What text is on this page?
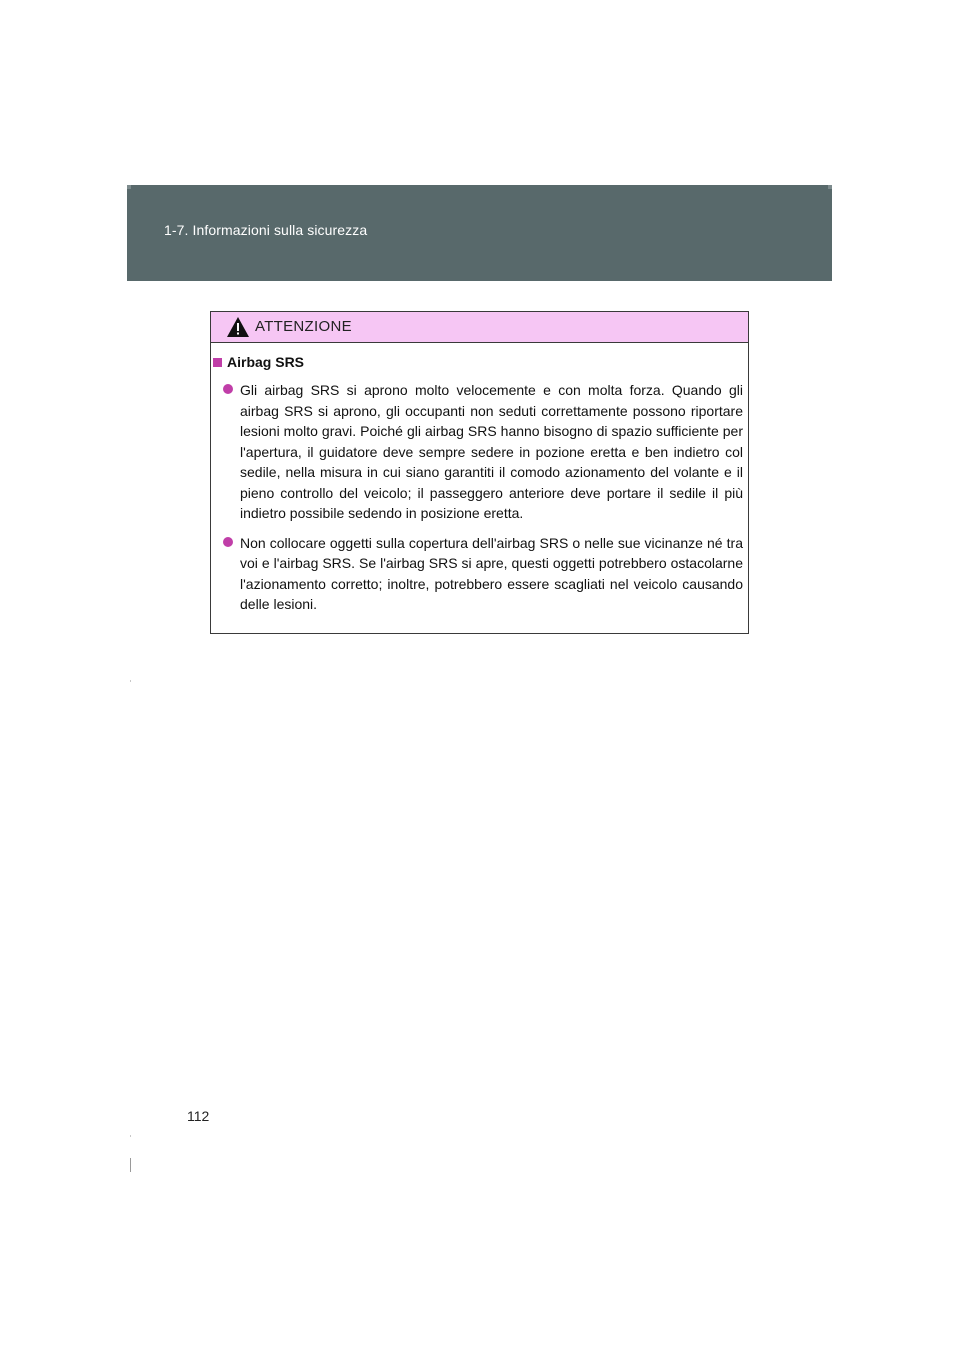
1-7. Informazioni sulla sicurezza
ATTENZIONE
Airbag SRS

Gli airbag SRS si aprono molto velocemente e con molta forza. Quando gli airbag SRS si aprono, gli occupanti non seduti correttamente possono riportare lesioni molto gravi. Poiché gli airbag SRS hanno bisogno di spazio sufficiente per l'apertura, il guidatore deve sempre sedere in pozione eretta e ben indietro col sedile, nella misura in cui siano garantiti il comodo azionamento del volante e il pieno controllo del veicolo; il passeggero anteriore deve portare il sedile il più indietro possibile sedendo in posizione eretta.

Non collocare oggetti sulla copertura dell'airbag SRS o nelle sue vicinanze né tra voi e l'airbag SRS. Se l'airbag SRS si apre, questi oggetti potrebbero ostacolarne l'azionamento corretto; inoltre, potrebbero essere scagliati nel veicolo causando delle lesioni.

112
